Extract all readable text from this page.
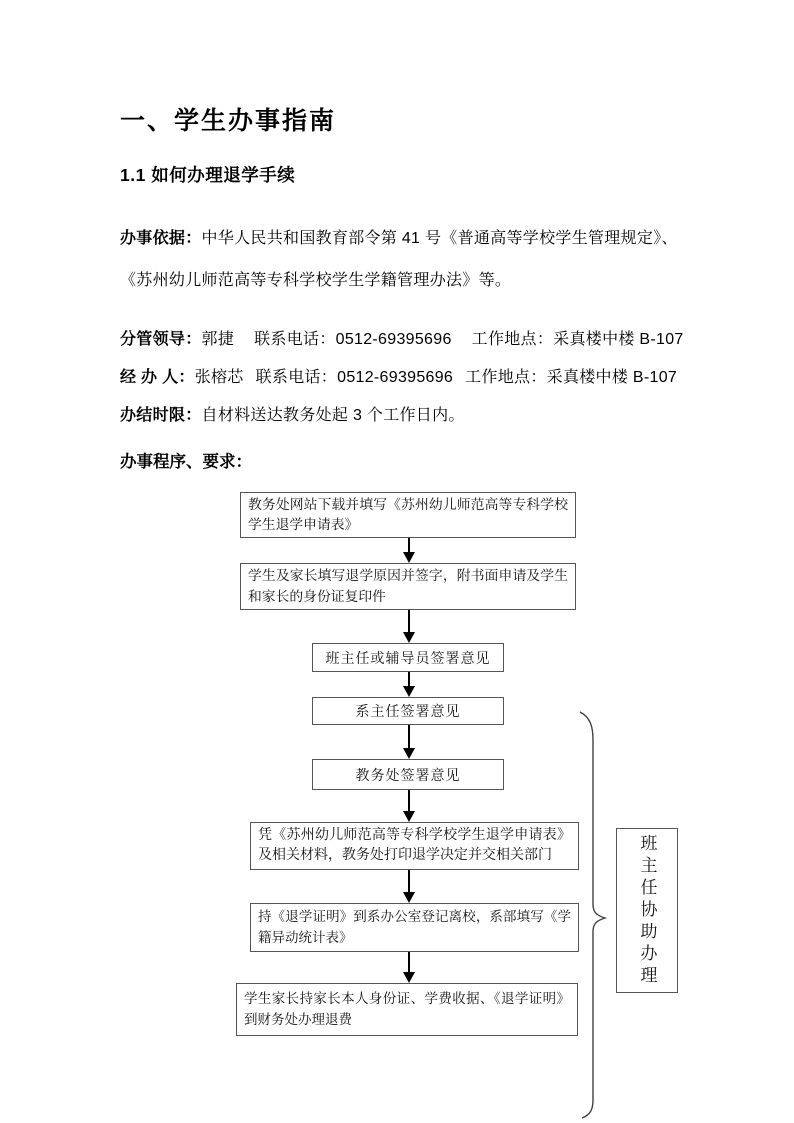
一、学生办事指南
1.1 如何办理退学手续
办事依据：中华人民共和国教育部令第 41 号《普通高等学校学生管理规定》、
《苏州幼儿师范高等专科学校学生学籍管理办法》等。
分管领导：郭捷 联系电话：0512-69395696 工作地点：采真楼中楼 B-107
经 办 人：张榕芯 联系电话：0512-69395696 工作地点：采真楼中楼 B-107
办结时限：自材料送达教务处起 3 个工作日内。
办事程序、要求：
教务处网站下载并填写《苏州幼儿师范高等专科学校学生退学申请表》
学生及家长填写退学原因并签字，附书面申请及学生和家长的身份证复印件
班主任或辅导员签署意见
系主任签署意见
教务处签署意见
凭《苏州幼儿师范高等专科学校学生退学申请表》及相关材料，教务处打印退学决定并交相关部门
持《退学证明》到系办公室登记离校，系部填写《学籍异动统计表》
学生家长持家长本人身份证、学费收据、《退学证明》到财务处办理退费
班主任协助办理
